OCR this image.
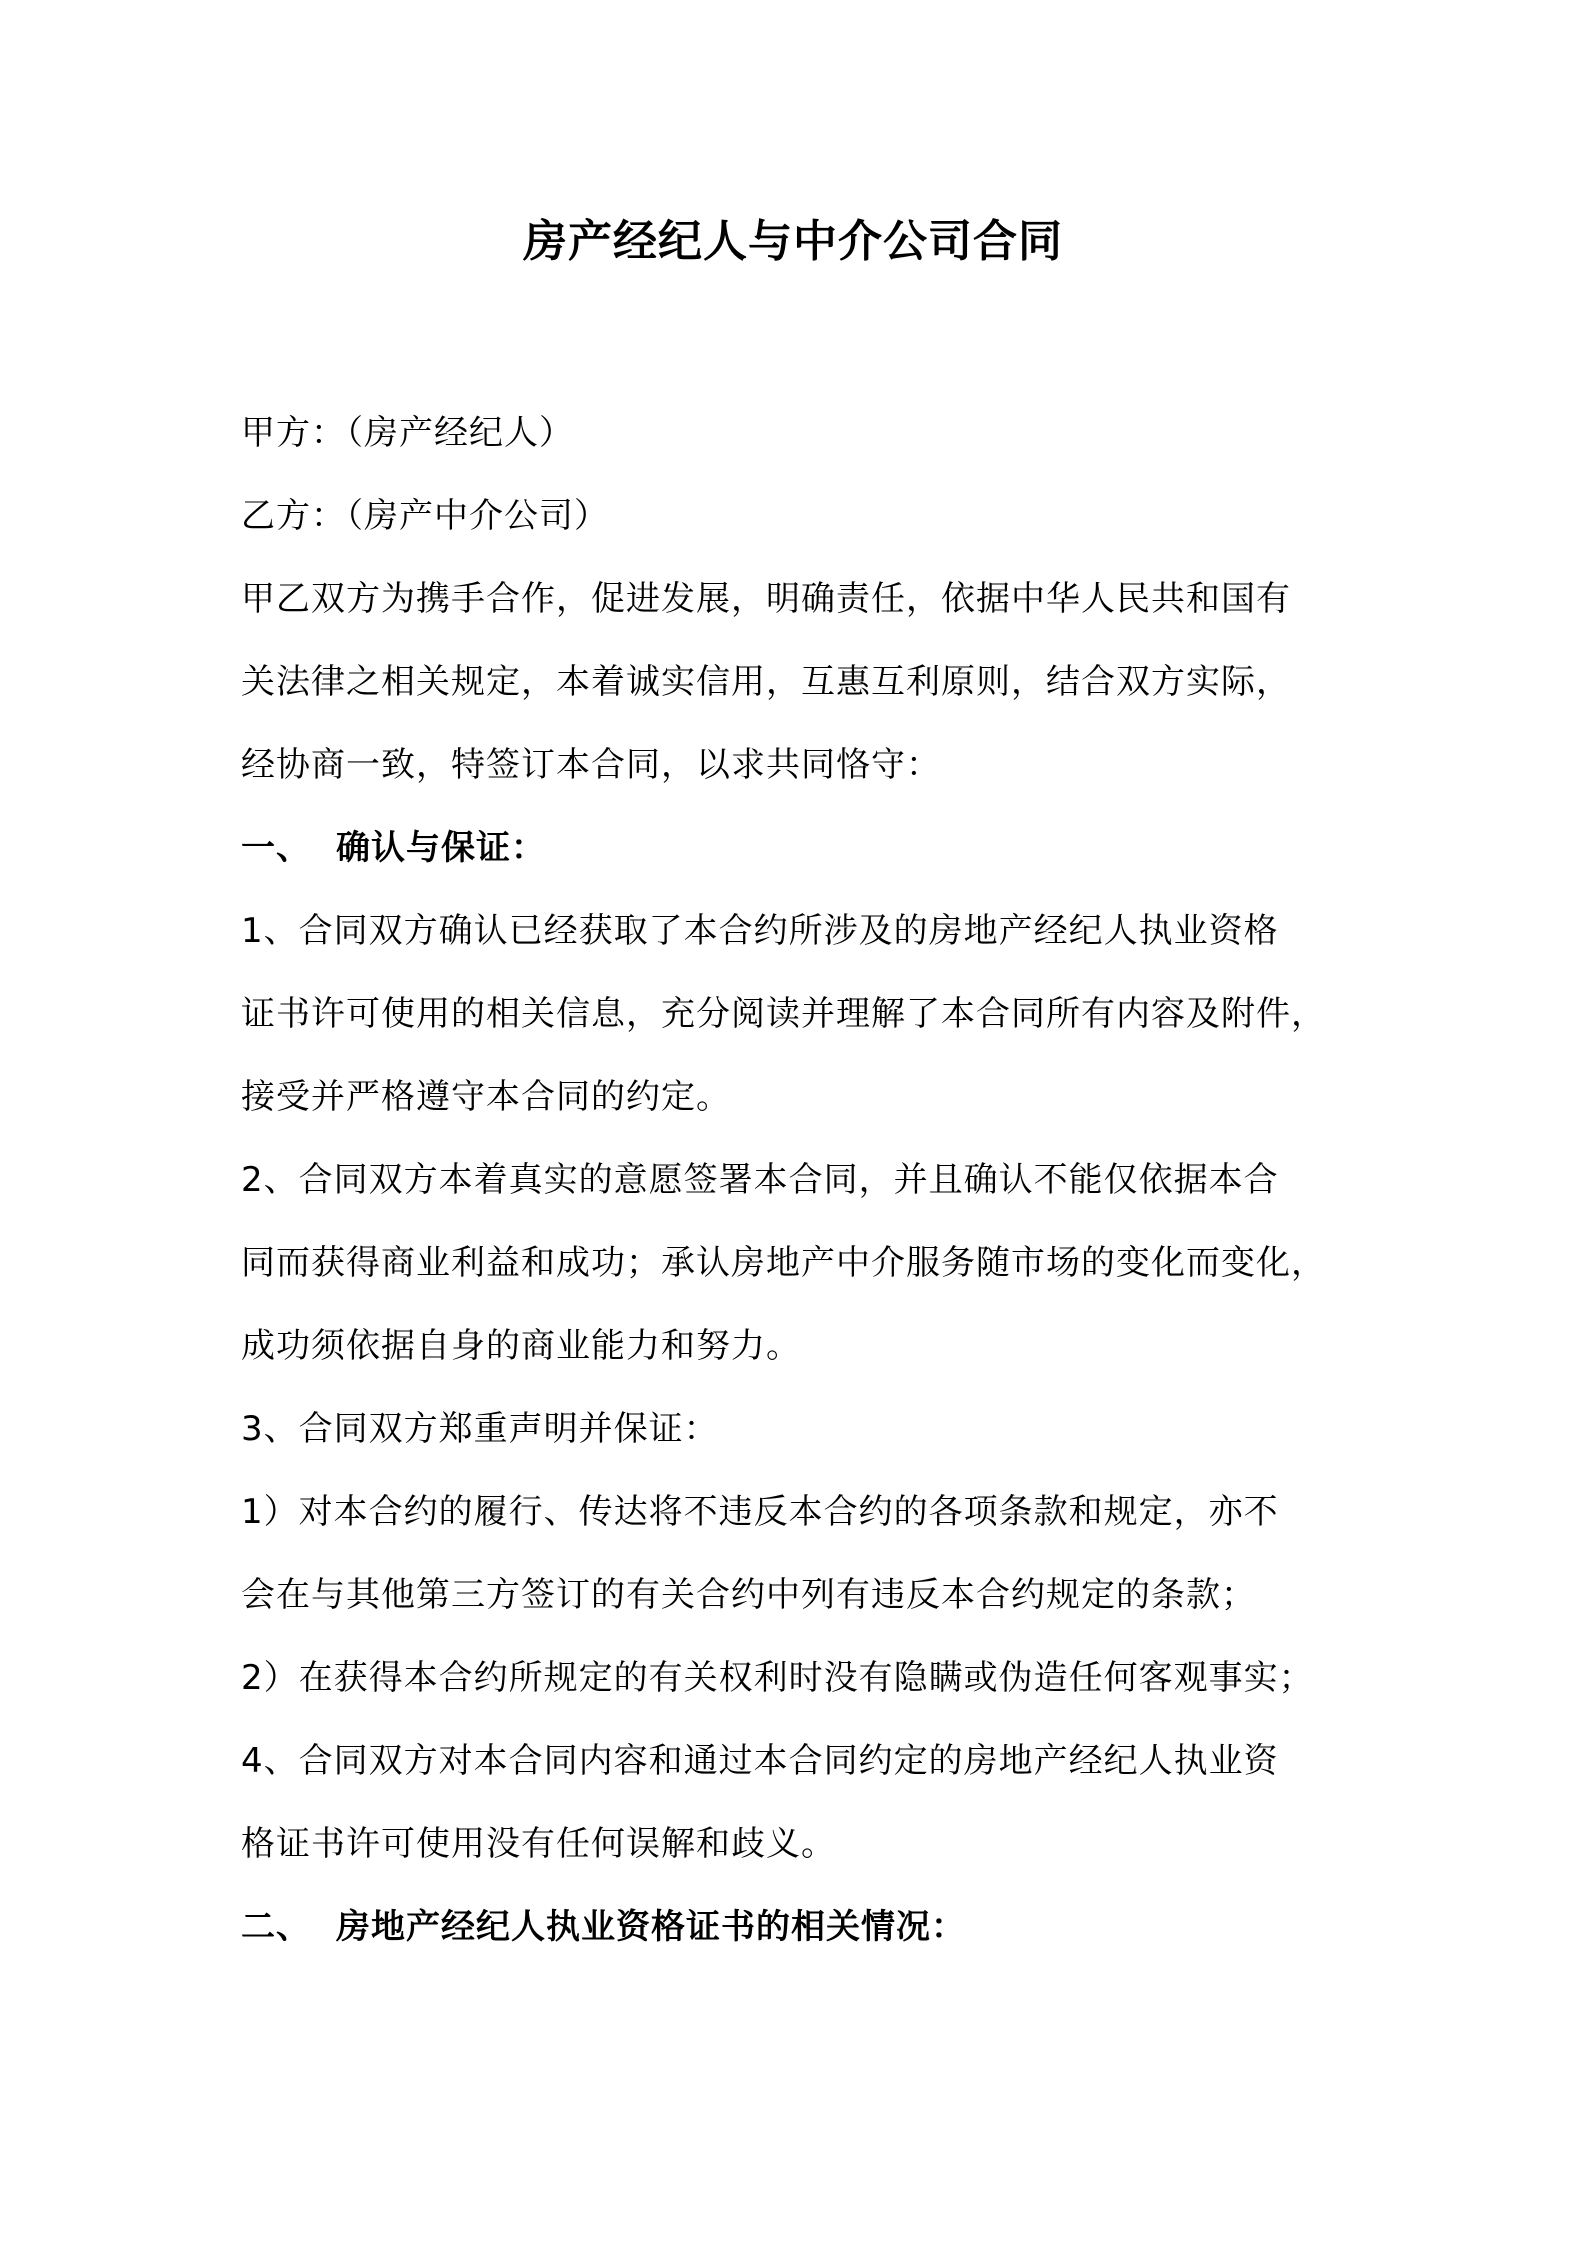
房产经纪人与中介公司合同
甲方：（房产经纪人）
乙方：（房产中介公司）
甲乙双方为携手合作，促进发展，明确责任，依据中华人民共和国有
关法律之相关规定，本着诚实信用，互惠互利原则，结合双方实际，
经协商一致，特签订本合同，以求共同恪守：
一、 确认与保证：
1、合同双方确认已经获取了本合约所涉及的房地产经纪人执业资格
证书许可使用的相关信息，充分阅读并理解了本合同所有内容及附件，
接受并严格遵守本合同的约定。
2、合同双方本着真实的意愿签署本合同，并且确认不能仅依据本合
同而获得商业利益和成功；承认房地产中介服务随市场的变化而变化，
成功须依据自身的商业能力和努力。
3、合同双方郑重声明并保证：
1）对本合约的履行、传达将不违反本合约的各项条款和规定，亦不
会在与其他第三方签订的有关合约中列有违反本合约规定的条款；
2）在获得本合约所规定的有关权利时没有隐瞒或伪造任何客观事实；
4、合同双方对本合同内容和通过本合同约定的房地产经纪人执业资
格证书许可使用没有任何误解和歧义。
二、 房地产经纪人执业资格证书的相关情况：
